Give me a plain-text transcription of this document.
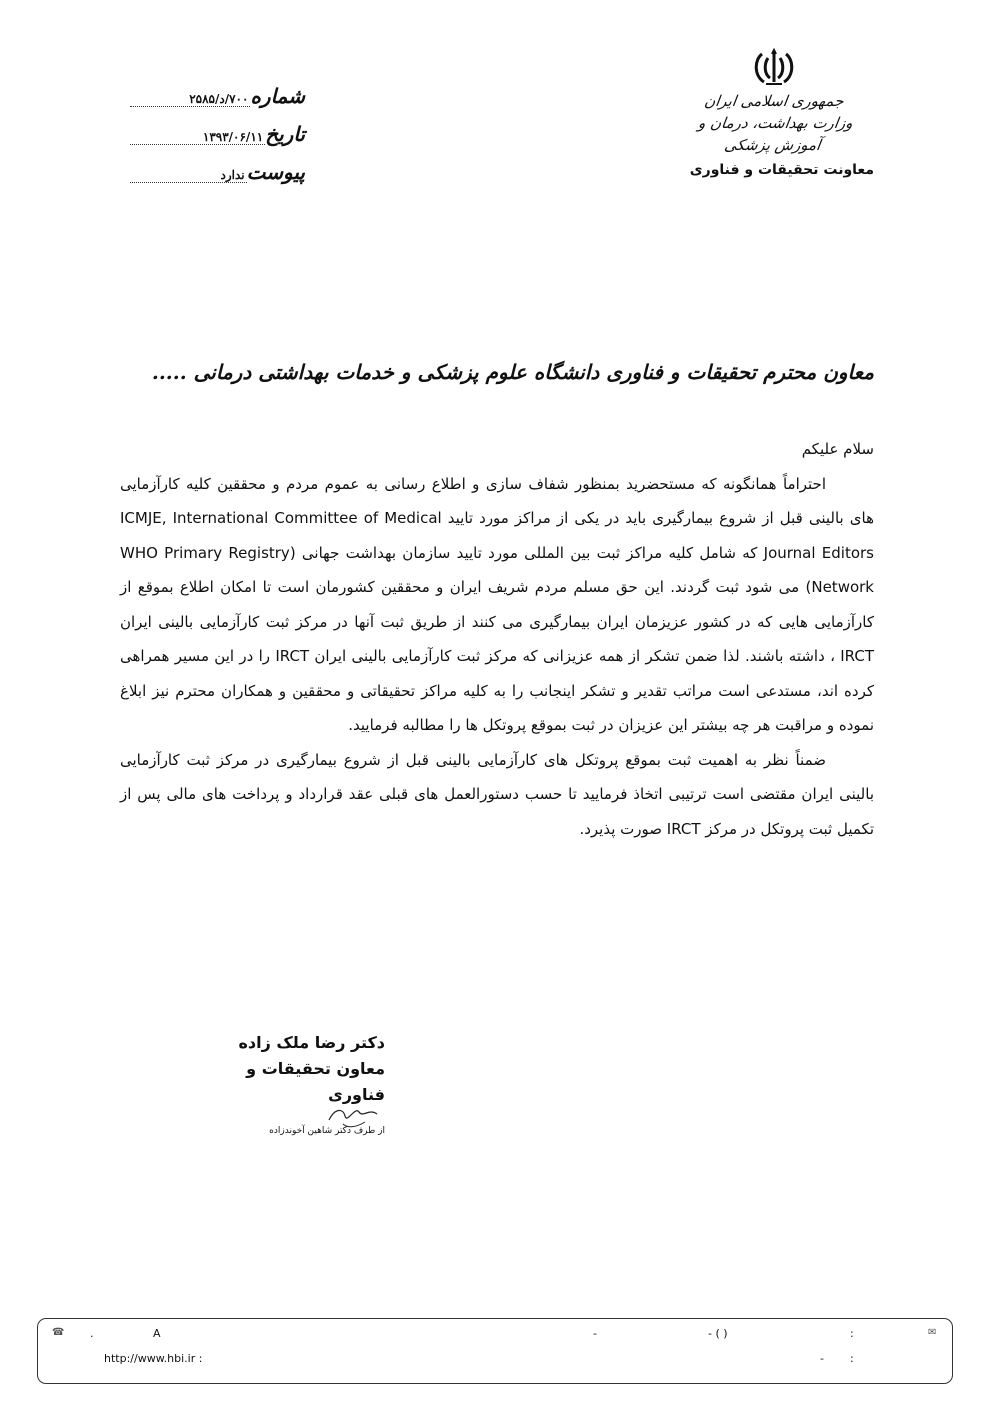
جمهوری اسلامی ایران
وزارت بهداشت، درمان و آموزش پزشکی
معاونت تحقیقات و فناوری
شماره
۷۰۰/د/۲۵۸۵
تاریخ
۱۳۹۳/۰۶/۱۱
پیوست
ندارد
معاون محترم تحقیقات و فناوری دانشگاه علوم پزشکی و خدمات بهداشتی درمانی .....

سلام علیکم

احتراماً همانگونه که مستحضرید بمنظور شفاف سازی و اطلاع رسانی به عموم مردم و محققین کلیه کارآزمایی های بالینی قبل از شروع بیمارگیری باید در یکی از مراکز مورد تایید ICMJE, International Committee of Medical Journal Editors که شامل کلیه مراکز ثبت بین المللی مورد تایید سازمان بهداشت جهانی (WHO Primary Registry Network) می شود ثبت گردند. این حق مسلم مردم شریف ایران و محققین کشورمان است تا امکان اطلاع بموقع از کارآزمایی هایی که در کشور عزیزمان ایران بیمارگیری می کنند از طریق ثبت آنها در مرکز ثبت کارآزمایی بالینی ایران IRCT ، داشته باشند. لذا ضمن تشکر از همه عزیزانی که مرکز ثبت کارآزمایی بالینی ایران IRCT را در این مسیر همراهی کرده اند، مستدعی است مراتب تقدیر و تشکر اینجانب را به کلیه مراکز تحقیقاتی و محققین و همکاران محترم نیز ابلاغ نموده و مراقبت هر چه بیشتر این عزیزان در ثبت بموقع پروتکل ها را مطالبه فرمایید.

ضمناً نظر به اهمیت ثبت بموقع پروتکل های کارآزمایی بالینی قبل از شروع بیمارگیری در مرکز ثبت کارآزمایی بالینی ایران مقتضی است ترتیبی اتخاذ فرمایید تا حسب دستورالعمل های قبلی عقد قرارداد و پرداخت های مالی پس از تکمیل ثبت پروتکل در مرکز IRCT صورت پذیرد.

دکتر رضا ملک زاده
معاون تحقیقات و فناوری
از طرف دکتر شاهین آخوندزاده
☎ .	A	-	- ( )	:	✉
http://www.hbi.ir :	- :
